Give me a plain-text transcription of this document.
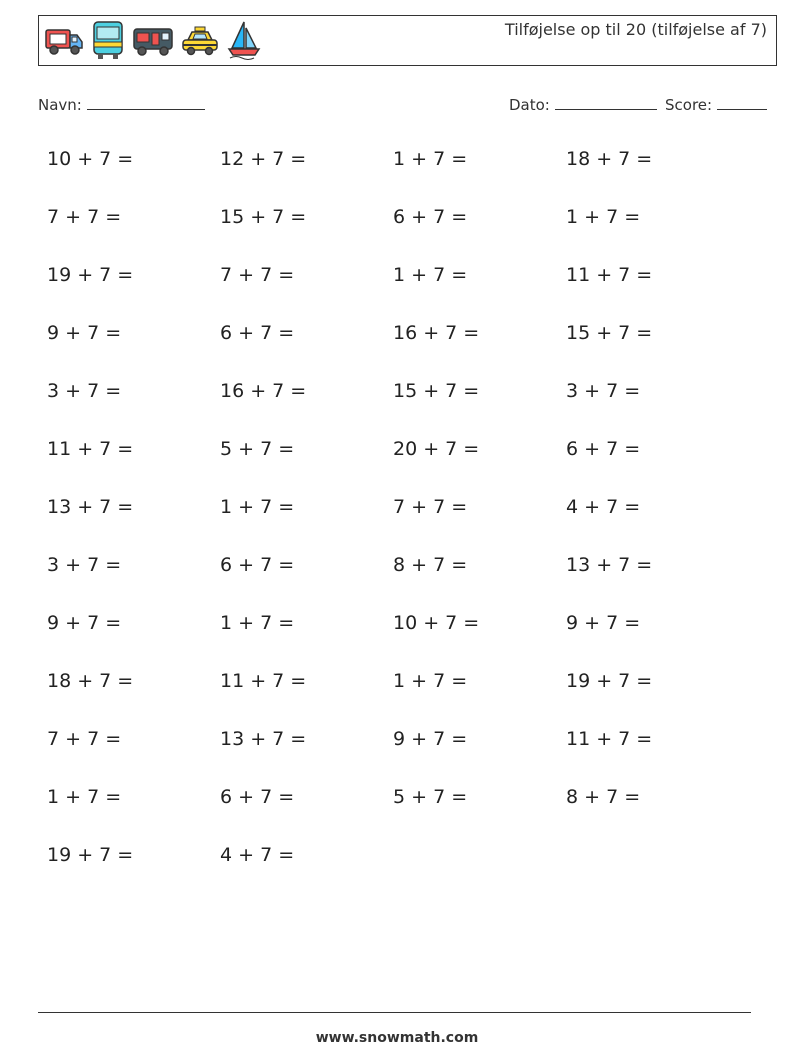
Tilføjelse op til 20 (tilføjelse af 7)
Navn:	Dato:	Score:
10 + 7 =	12 + 7 =	1 + 7 =	18 + 7 =
7 + 7 =	15 + 7 =	6 + 7 =	1 + 7 =
19 + 7 =	7 + 7 =	1 + 7 =	11 + 7 =
9 + 7 =	6 + 7 =	16 + 7 =	15 + 7 =
3 + 7 =	16 + 7 =	15 + 7 =	3 + 7 =
11 + 7 =	5 + 7 =	20 + 7 =	6 + 7 =
13 + 7 =	1 + 7 =	7 + 7 =	4 + 7 =
3 + 7 =	6 + 7 =	8 + 7 =	13 + 7 =
9 + 7 =	1 + 7 =	10 + 7 =	9 + 7 =
18 + 7 =	11 + 7 =	1 + 7 =	19 + 7 =
7 + 7 =	13 + 7 =	9 + 7 =	11 + 7 =
1 + 7 =	6 + 7 =	5 + 7 =	8 + 7 =
19 + 7 =	4 + 7 =
www.snowmath.com
